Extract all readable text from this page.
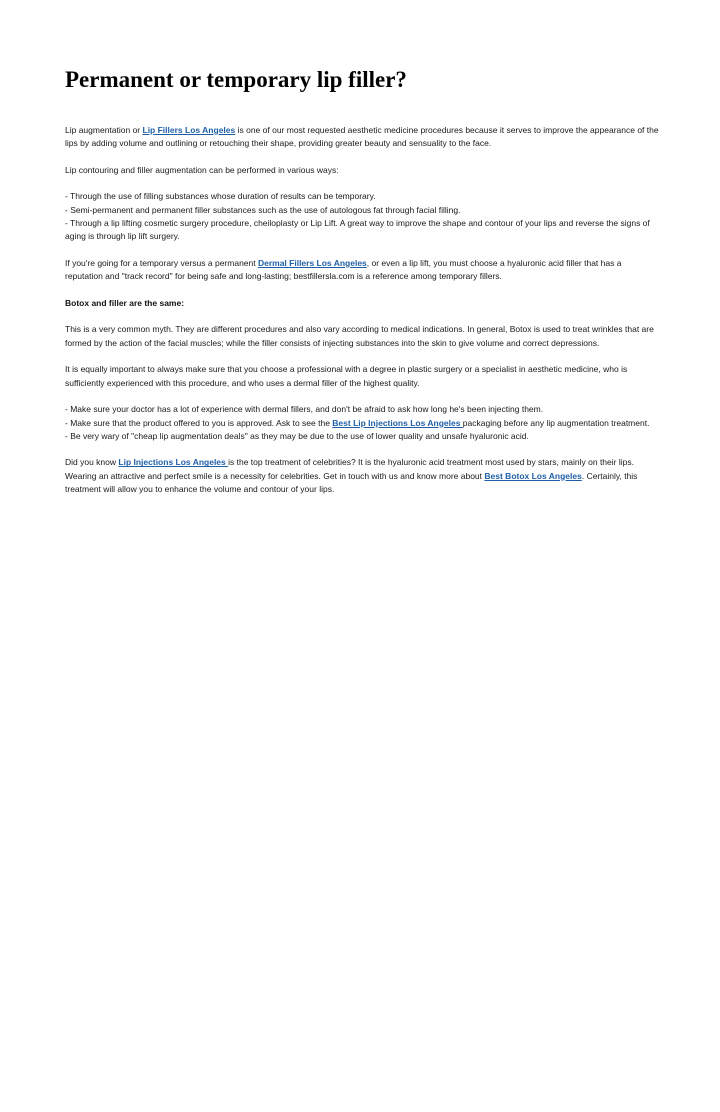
Permanent or temporary lip filler?

Lip augmentation or Lip Fillers Los Angeles is one of our most requested aesthetic medicine procedures because it serves to improve the appearance of the lips by adding volume and outlining or retouching their shape, providing greater beauty and sensuality to the face.

Lip contouring and filler augmentation can be performed in various ways:

- Through the use of filling substances whose duration of results can be temporary.

- Semi-permanent and permanent filler substances such as the use of autologous fat through facial filling.

- Through a lip lifting cosmetic surgery procedure, cheiloplasty or Lip Lift. A great way to improve the shape and contour of your lips and reverse the signs of aging is through lip lift surgery.

If you're going for a temporary versus a permanent Dermal Fillers Los Angeles, or even a lip lift, you must choose a hyaluronic acid filler that has a reputation and "track record" for being safe and long-lasting; bestfillersla.com is a reference among temporary fillers.

Botox and filler are the same:

This is a very common myth. They are different procedures and also vary according to medical indications. In general, Botox is used to treat wrinkles that are formed by the action of the facial muscles; while the filler consists of injecting substances into the skin to give volume and correct depressions.

It is equally important to always make sure that you choose a professional with a degree in plastic surgery or a specialist in aesthetic medicine, who is sufficiently experienced with this procedure, and who uses a dermal filler of the highest quality.

- Make sure your doctor has a lot of experience with dermal fillers, and don't be afraid to ask how long he's been injecting them.

- Make sure that the product offered to you is approved. Ask to see the Best Lip Injections Los Angeles packaging before any lip augmentation treatment.

- Be very wary of "cheap lip augmentation deals" as they may be due to the use of lower quality and unsafe hyaluronic acid.

Did you know Lip Injections Los Angeles is the top treatment of celebrities? It is the hyaluronic acid treatment most used by stars, mainly on their lips. Wearing an attractive and perfect smile is a necessity for celebrities. Get in touch with us and know more about Best Botox Los Angeles. Certainly, this treatment will allow you to enhance the volume and contour of your lips.
